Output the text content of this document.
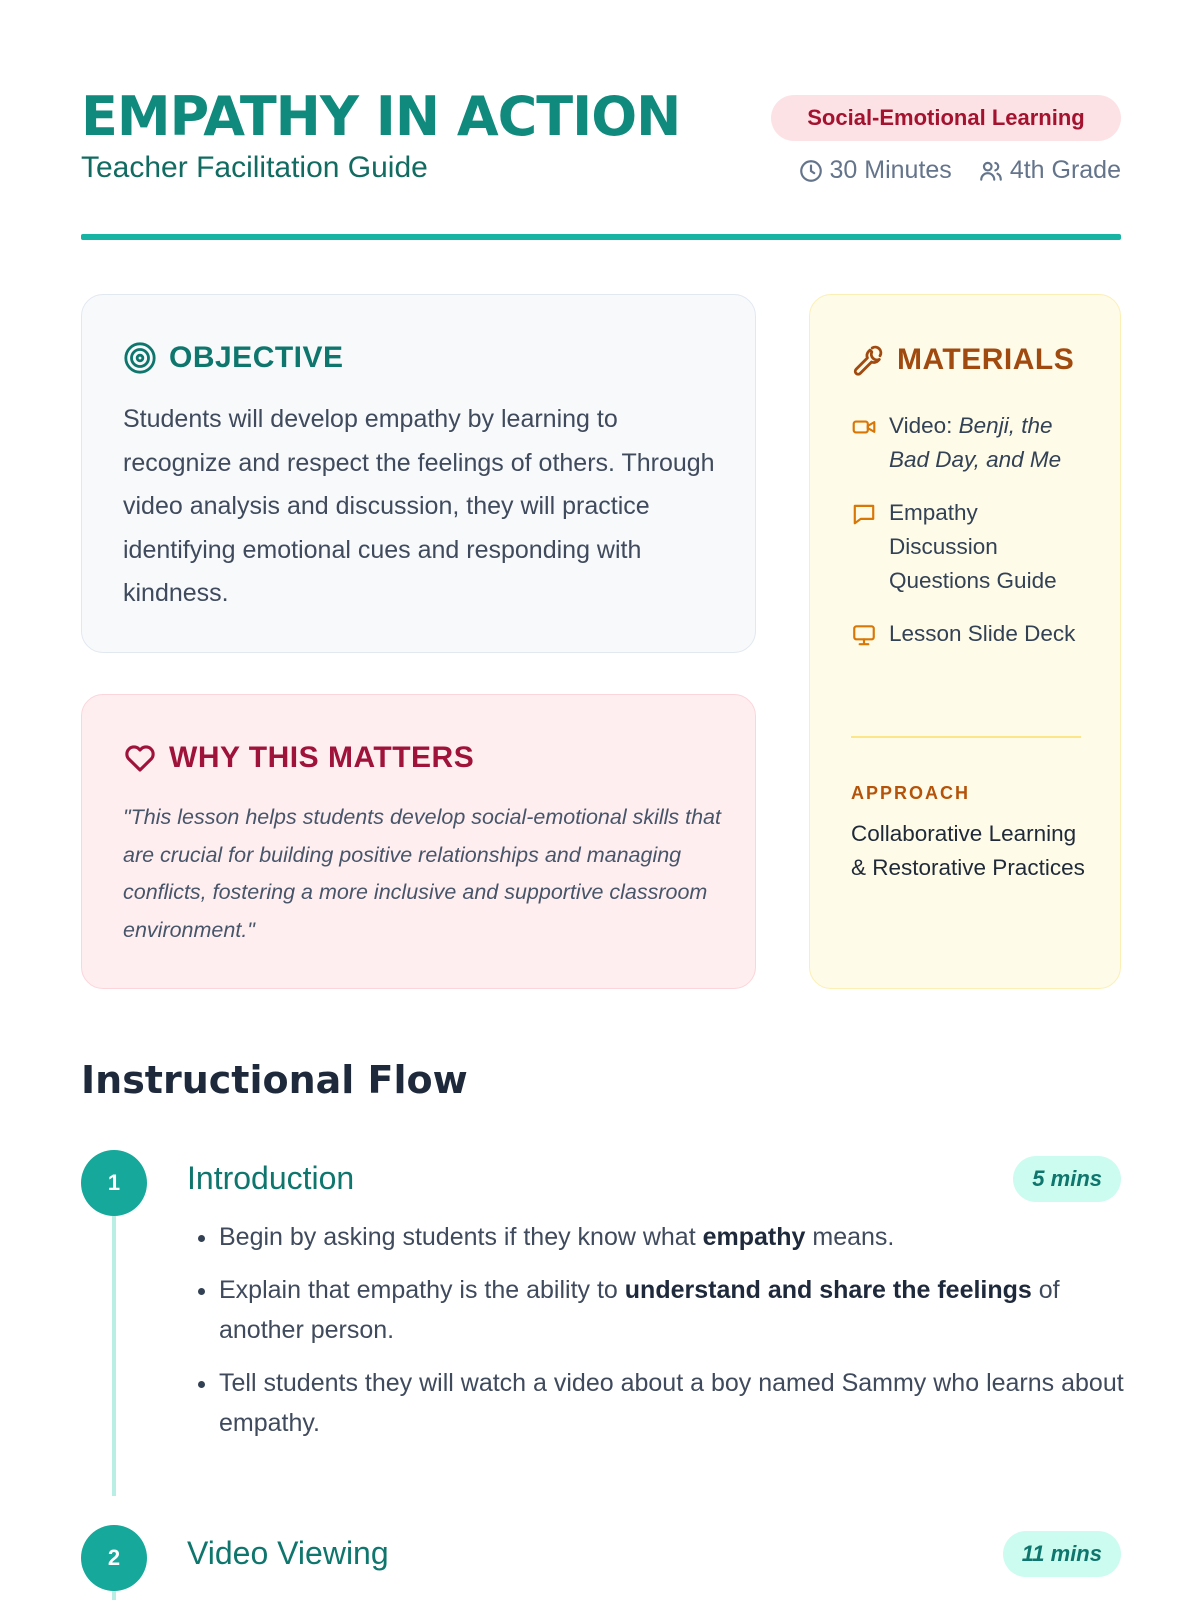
EMPATHY IN ACTION
Teacher Facilitation Guide
Social-Emotional Learning
30 Minutes 4th Grade
OBJECTIVE

Students will develop empathy by learning to recognize and respect the feelings of others. Through video analysis and discussion, they will practice identifying emotional cues and responding with kindness.

WHY THIS MATTERS

"This lesson helps students develop social-emotional skills that are crucial for building positive relationships and managing conflicts, fostering a more inclusive and supportive classroom environment."

MATERIALS
Video: Benji, the Bad Day, and Me
Empathy Discussion Questions Guide
Lesson Slide Deck
APPROACH
Collaborative Learning & Restorative Practices
Instructional Flow
1	Introduction	5 mins
• Begin by asking students if they know what empathy means.
• Explain that empathy is the ability to understand and share the feelings of another person.
• Tell students they will watch a video about a boy named Sammy who learns about empathy.
2	Video Viewing	11 mins
